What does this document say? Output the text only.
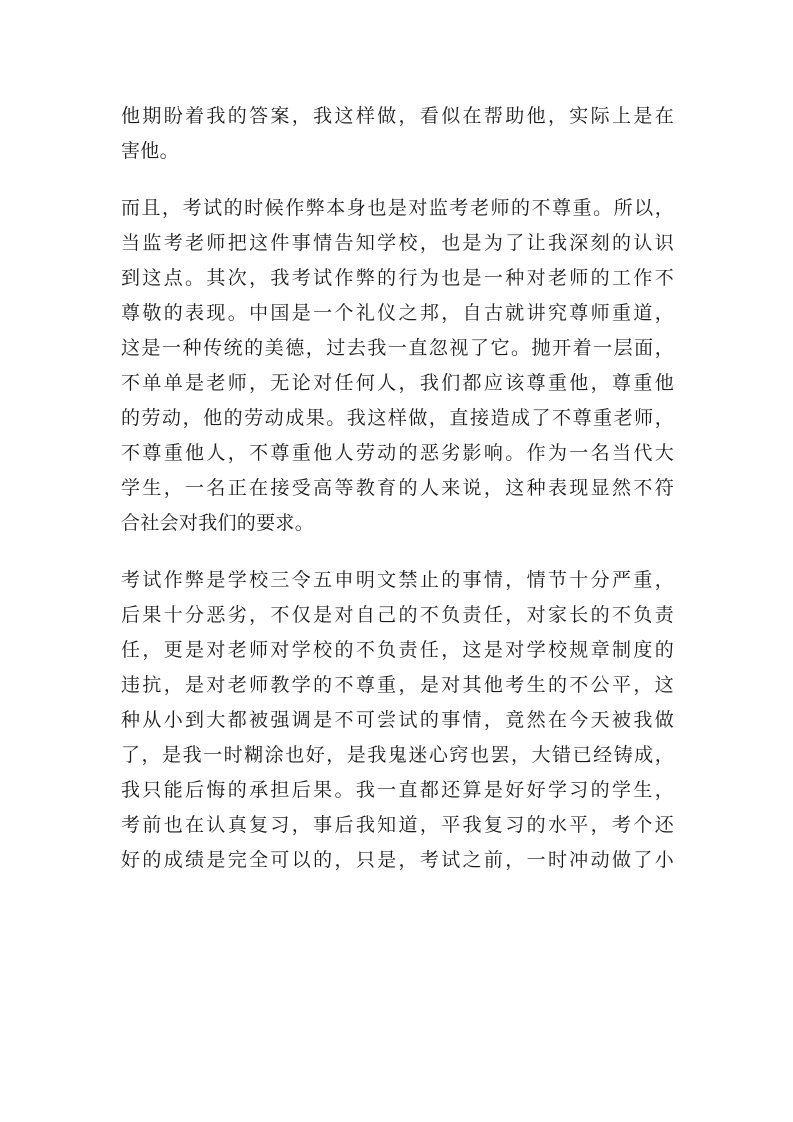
他期盼着我的答案，我这样做，看似在帮助他，实际上是在
害他。
而且，考试的时候作弊本身也是对监考老师的不尊重。所以，
当监考老师把这件事情告知学校，也是为了让我深刻的认识
到这点。其次，我考试作弊的行为也是一种对老师的工作不
尊敬的表现。中国是一个礼仪之邦，自古就讲究尊师重道，
这是一种传统的美德，过去我一直忽视了它。抛开着一层面，
不单单是老师，无论对任何人，我们都应该尊重他，尊重他
的劳动，他的劳动成果。我这样做，直接造成了不尊重老师，
不尊重他人，不尊重他人劳动的恶劣影响。作为一名当代大
学生，一名正在接受高等教育的人来说，这种表现显然不符
合社会对我们的要求。
考试作弊是学校三令五申明文禁止的事情，情节十分严重，
后果十分恶劣，不仅是对自己的不负责任，对家长的不负责
任，更是对老师对学校的不负责任，这是对学校规章制度的
违抗，是对老师教学的不尊重，是对其他考生的不公平，这
种从小到大都被强调是不可尝试的事情，竟然在今天被我做
了，是我一时糊涂也好，是我鬼迷心窍也罢，大错已经铸成，
我只能后悔的承担后果。我一直都还算是好好学习的学生，
考前也在认真复习，事后我知道，平我复习的水平，考个还
好的成绩是完全可以的，只是，考试之前，一时冲动做了小
